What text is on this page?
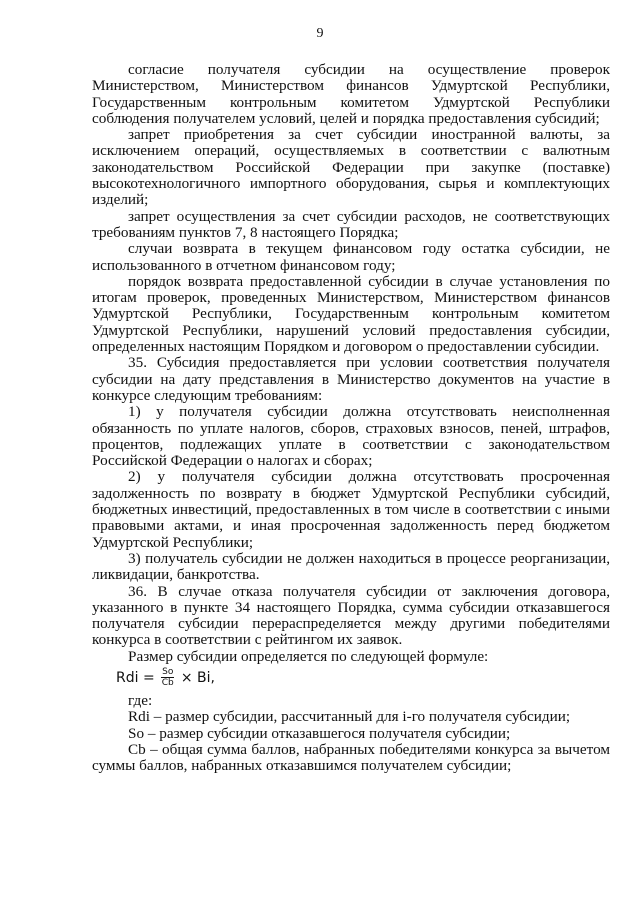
9

согласие получателя субсидии на осуществление проверок Министерством, Министерством финансов Удмуртской Республики, Государственным контрольным комитетом Удмуртской Республики соблюдения получателем условий, целей и порядка предоставления субсидий;

запрет приобретения за счет субсидии иностранной валюты, за исключением операций, осуществляемых в соответствии с валютным законодательством Российской Федерации при закупке (поставке) высокотехнологичного импортного оборудования, сырья и комплектующих изделий;

запрет осуществления за счет субсидии расходов, не соответствующих требованиям пунктов 7, 8 настоящего Порядка;

случаи возврата в текущем финансовом году остатка субсидии, не использованного в отчетном финансовом году;

порядок возврата предоставленной субсидии в случае установления по итогам проверок, проведенных Министерством, Министерством финансов Удмуртской Республики, Государственным контрольным комитетом Удмуртской Республики, нарушений условий предоставления субсидии, определенных настоящим Порядком и договором о предоставлении субсидии.

35. Субсидия предоставляется при условии соответствия получателя субсидии на дату представления в Министерство документов на участие в конкурсе следующим требованиям:

1) у получателя субсидии должна отсутствовать неисполненная обязанность по уплате налогов, сборов, страховых взносов, пеней, штрафов, процентов, подлежащих уплате в соответствии с законодательством Российской Федерации о налогах и сборах;

2) у получателя субсидии должна отсутствовать просроченная задолженность по возврату в бюджет Удмуртской Республики субсидий, бюджетных инвестиций, предоставленных в том числе в соответствии с иными правовыми актами, и иная просроченная задолженность перед бюджетом Удмуртской Республики;

3) получатель субсидии не должен находиться в процессе реорганизации, ликвидации, банкротства.

36. В случае отказа получателя субсидии от заключения договора, указанного в пункте 34 настоящего Порядка, сумма субсидии отказавшегося получателя субсидии перераспределяется между другими победителями конкурса в соответствии с рейтингом их заявок.

Размер субсидии определяется по следующей формуле:

Rdi = $\frac{So}{Cb} \times Bi$,

где:

Rdi – размер субсидии, рассчитанный для i-го получателя субсидии;

So – размер субсидии отказавшегося получателя субсидии;

Cb – общая сумма баллов, набранных победителями конкурса за вычетом суммы баллов, набранных отказавшимся получателем субсидии;
